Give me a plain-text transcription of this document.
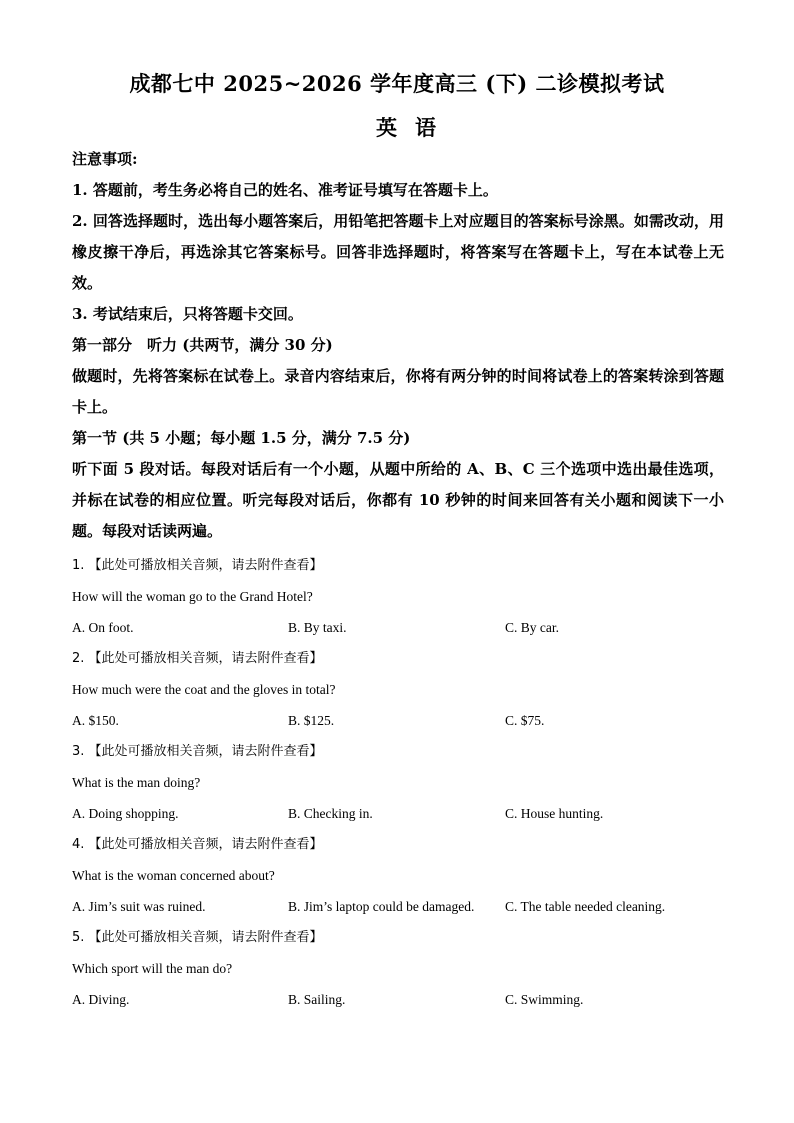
成都七中 2025~2026 学年度高三 (下) 二诊模拟考试
英语
注意事项:
1. 答题前，考生务必将自己的姓名、准考证号填写在答题卡上。
2. 回答选择题时，选出每小题答案后，用铅笔把答题卡上对应题目的答案标号涂黑。如需改动，用橡皮擦干净后，再选涂其它答案标号。回答非选择题时，将答案写在答题卡上，写在本试卷上无效。
3. 考试结束后，只将答题卡交回。
第一部分　听力 (共两节，满分 30 分)
做题时，先将答案标在试卷上。录音内容结束后，你将有两分钟的时间将试卷上的答案转涂到答题卡上。
第一节 (共 5 小题；每小题 1.5 分，满分 7.5 分)
听下面 5 段对话。每段对话后有一个小题，从题中所给的 A、B、C 三个选项中选出最佳选项，并标在试卷的相应位置。听完每段对话后，你都有 10 秒钟的时间来回答有关小题和阅读下一小题。每段对话读两遍。
1. 【此处可播放相关音频，请去附件查看】
How will the woman go to the Grand Hotel?
A. On foot.	B. By taxi.	C. By car.
2. 【此处可播放相关音频，请去附件查看】
How much were the coat and the gloves in total?
A. $150.	B. $125.	C. $75.
3. 【此处可播放相关音频，请去附件查看】
What is the man doing?
A. Doing shopping.	B. Checking in.	C. House hunting.
4. 【此处可播放相关音频，请去附件查看】
What is the woman concerned about?
A. Jim’s suit was ruined.	B. Jim’s laptop could be damaged. C. The table needed cleaning.
5. 【此处可播放相关音频，请去附件查看】
Which sport will the man do?
A. Diving.	B. Sailing.	C. Swimming.
